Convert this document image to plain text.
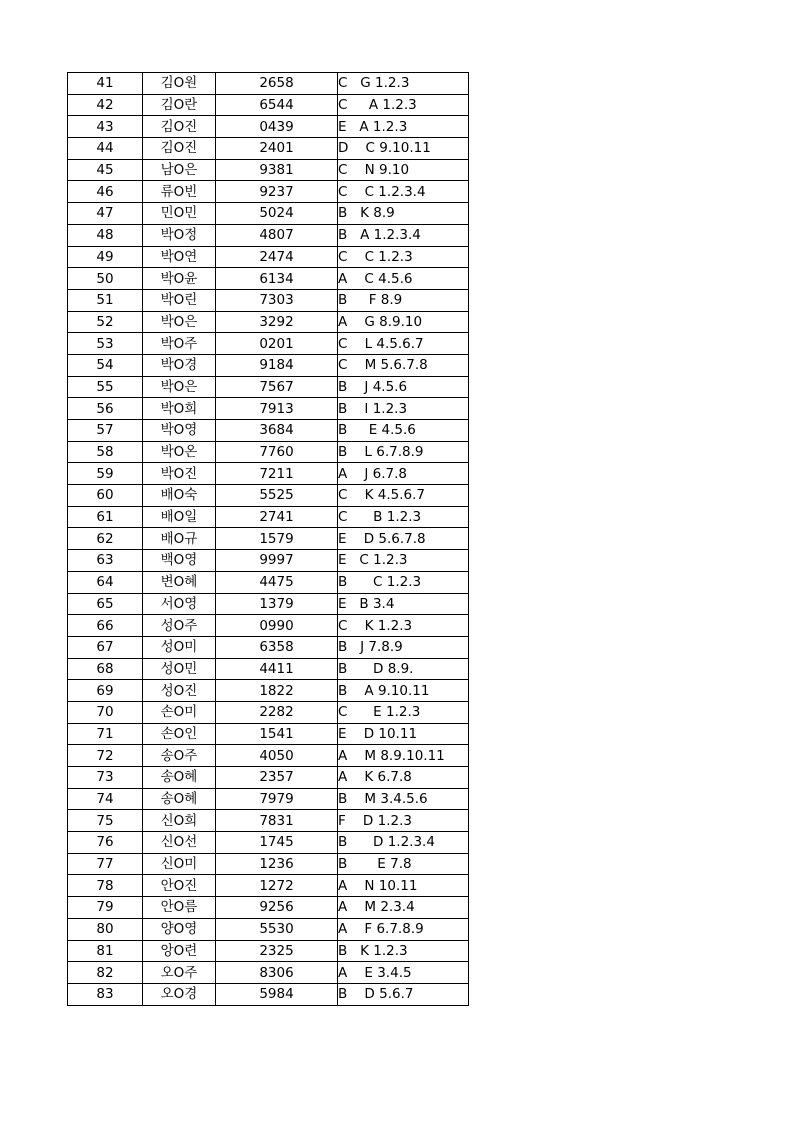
41	김O원	2658	C   G 1.2.3
42	김O란	6544	C     A 1.2.3
43	김O진	0439	E   A 1.2.3
44	김O진	2401	D    C 9.10.11
45	남O은	9381	C    N 9.10
46	류O빈	9237	C    C 1.2.3.4
47	민O민	5024	B   K 8.9
48	박O정	4807	B   A 1.2.3.4
49	박O연	2474	C    C 1.2.3
50	박O윤	6134	A    C 4.5.6
51	박O린	7303	B     F 8.9
52	박O은	3292	A    G 8.9.10
53	박O주	0201	C    L 4.5.6.7
54	박O경	9184	C    M 5.6.7.8
55	박O은	7567	B    J 4.5.6
56	박O희	7913	B    I 1.2.3
57	박O영	3684	B     E 4.5.6
58	박O온	7760	B    L 6.7.8.9
59	박O진	7211	A    J 6.7.8
60	배O숙	5525	C    K 4.5.6.7
61	배O일	2741	C      B 1.2.3
62	배O규	1579	E    D 5.6.7.8
63	백O영	9997	E   C 1.2.3
64	변O혜	4475	B      C 1.2.3
65	서O영	1379	E   B 3.4
66	성O주	0990	C    K 1.2.3
67	성O미	6358	B   J 7.8.9
68	성O민	4411	B      D 8.9.
69	성O진	1822	B    A 9.10.11
70	손O미	2282	C      E 1.2.3
71	손O인	1541	E    D 10.11
72	송O주	4050	A    M 8.9.10.11
73	송O혜	2357	A    K 6.7.8
74	송O혜	7979	B    M 3.4.5.6
75	신O희	7831	F    D 1.2.3
76	신O선	1745	B      D 1.2.3.4
77	신O미	1236	B       E 7.8
78	안O진	1272	A    N 10.11
79	안O름	9256	A    M 2.3.4
80	양O영	5530	A    F 6.7.8.9
81	앙O련	2325	B   K 1.2.3
82	오O주	8306	A    E 3.4.5
83	오O경	5984	B    D 5.6.7
